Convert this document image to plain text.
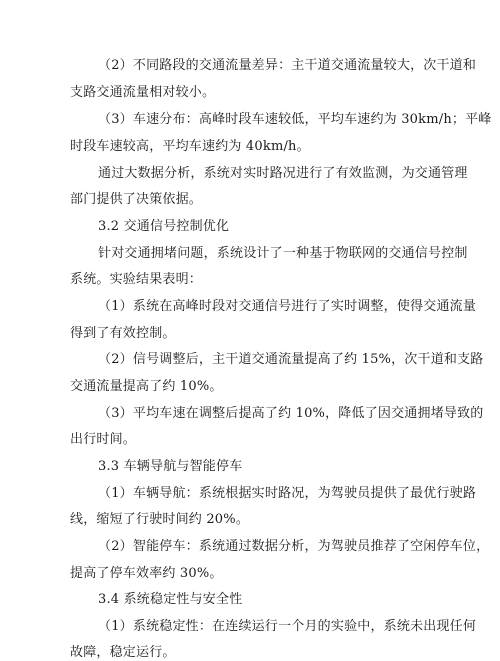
（2）不同路段的交通流量差异：主干道交通流量较大，次干道和
支路交通流量相对较小。
（3）车速分布：高峰时段车速较低，平均车速约为 30km/h；平峰
时段车速较高，平均车速约为 40km/h。
通过大数据分析，系统对实时路况进行了有效监测，为交通管理
部门提供了决策依据。
3.2 交通信号控制优化
针对交通拥堵问题，系统设计了一种基于物联网的交通信号控制
系统。实验结果表明：
（1）系统在高峰时段对交通信号进行了实时调整，使得交通流量
得到了有效控制。
（2）信号调整后，主干道交通流量提高了约 15%，次干道和支路
交通流量提高了约 10%。
（3）平均车速在调整后提高了约 10%，降低了因交通拥堵导致的
出行时间。
3.3 车辆导航与智能停车
（1）车辆导航：系统根据实时路况，为驾驶员提供了最优行驶路
线，缩短了行驶时间约 20%。
（2）智能停车：系统通过数据分析，为驾驶员推荐了空闲停车位，
提高了停车效率约 30%。
3.4 系统稳定性与安全性
（1）系统稳定性：在连续运行一个月的实验中，系统未出现任何
故障，稳定运行。
